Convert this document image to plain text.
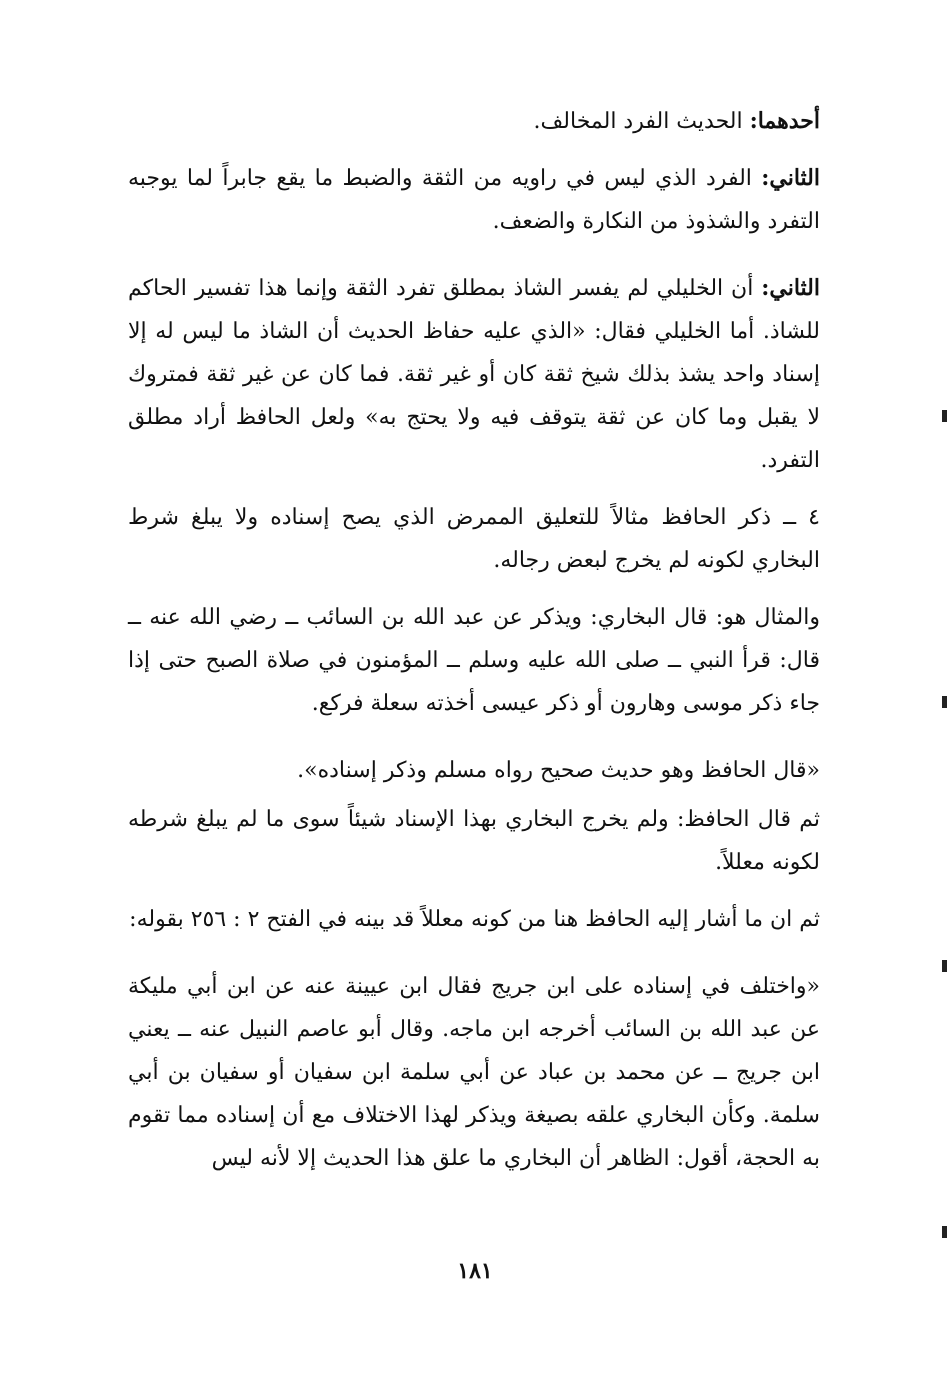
أحدهما: الحديث الفرد المخالف.

الثاني: الفرد الذي ليس في راويه من الثقة والضبط ما يقع جابراً لما يوجبه التفرد والشذوذ من النكارة والضعف.

الثاني: أن الخليلي لم يفسر الشاذ بمطلق تفرد الثقة وإنما هذا تفسير الحاكم للشاذ. أما الخليلي فقال: «الذي عليه حفاظ الحديث أن الشاذ ما ليس له إلا إسناد واحد يشذ بذلك شيخ ثقة كان أو غير ثقة. فما كان عن غير ثقة فمتروك لا يقبل وما كان عن ثقة يتوقف فيه ولا يحتج به» ولعل الحافظ أراد مطلق التفرد.

٤ ــ ذكر الحافظ مثالاً للتعليق الممرض الذي يصح إسناده ولا يبلغ شرط البخاري لكونه لم يخرج لبعض رجاله.

والمثال هو: قال البخاري: ويذكر عن عبد الله بن السائب ــ رضي الله عنه ــ قال: قرأ النبي ــ صلى الله عليه وسلم ــ المؤمنون في صلاة الصبح حتى إذا جاء ذكر موسى وهارون أو ذكر عيسى أخذته سعلة فركع.

«قال الحافظ وهو حديث صحيح رواه مسلم وذكر إسناده».

ثم قال الحافظ: ولم يخرج البخاري بهذا الإسناد شيئاً سوى ما لم يبلغ شرطه لكونه معللاً.

ثم ان ما أشار إليه الحافظ هنا من كونه معللاً قد بينه في الفتح ٢ : ٢٥٦ بقوله:

«واختلف في إسناده على ابن جريج فقال ابن عيينة عنه عن ابن أبي مليكة عن عبد الله بن السائب أخرجه ابن ماجه. وقال أبو عاصم النبيل عنه ــ يعني ابن جريج ــ عن محمد بن عباد عن أبي سلمة ابن سفيان أو سفيان بن أبي سلمة. وكأن البخاري علقه بصيغة ويذكر لهذا الاختلاف مع أن إسناده مما تقوم به الحجة، أقول: الظاهر أن البخاري ما علق هذا الحديث إلا لأنه ليس

١٨١
